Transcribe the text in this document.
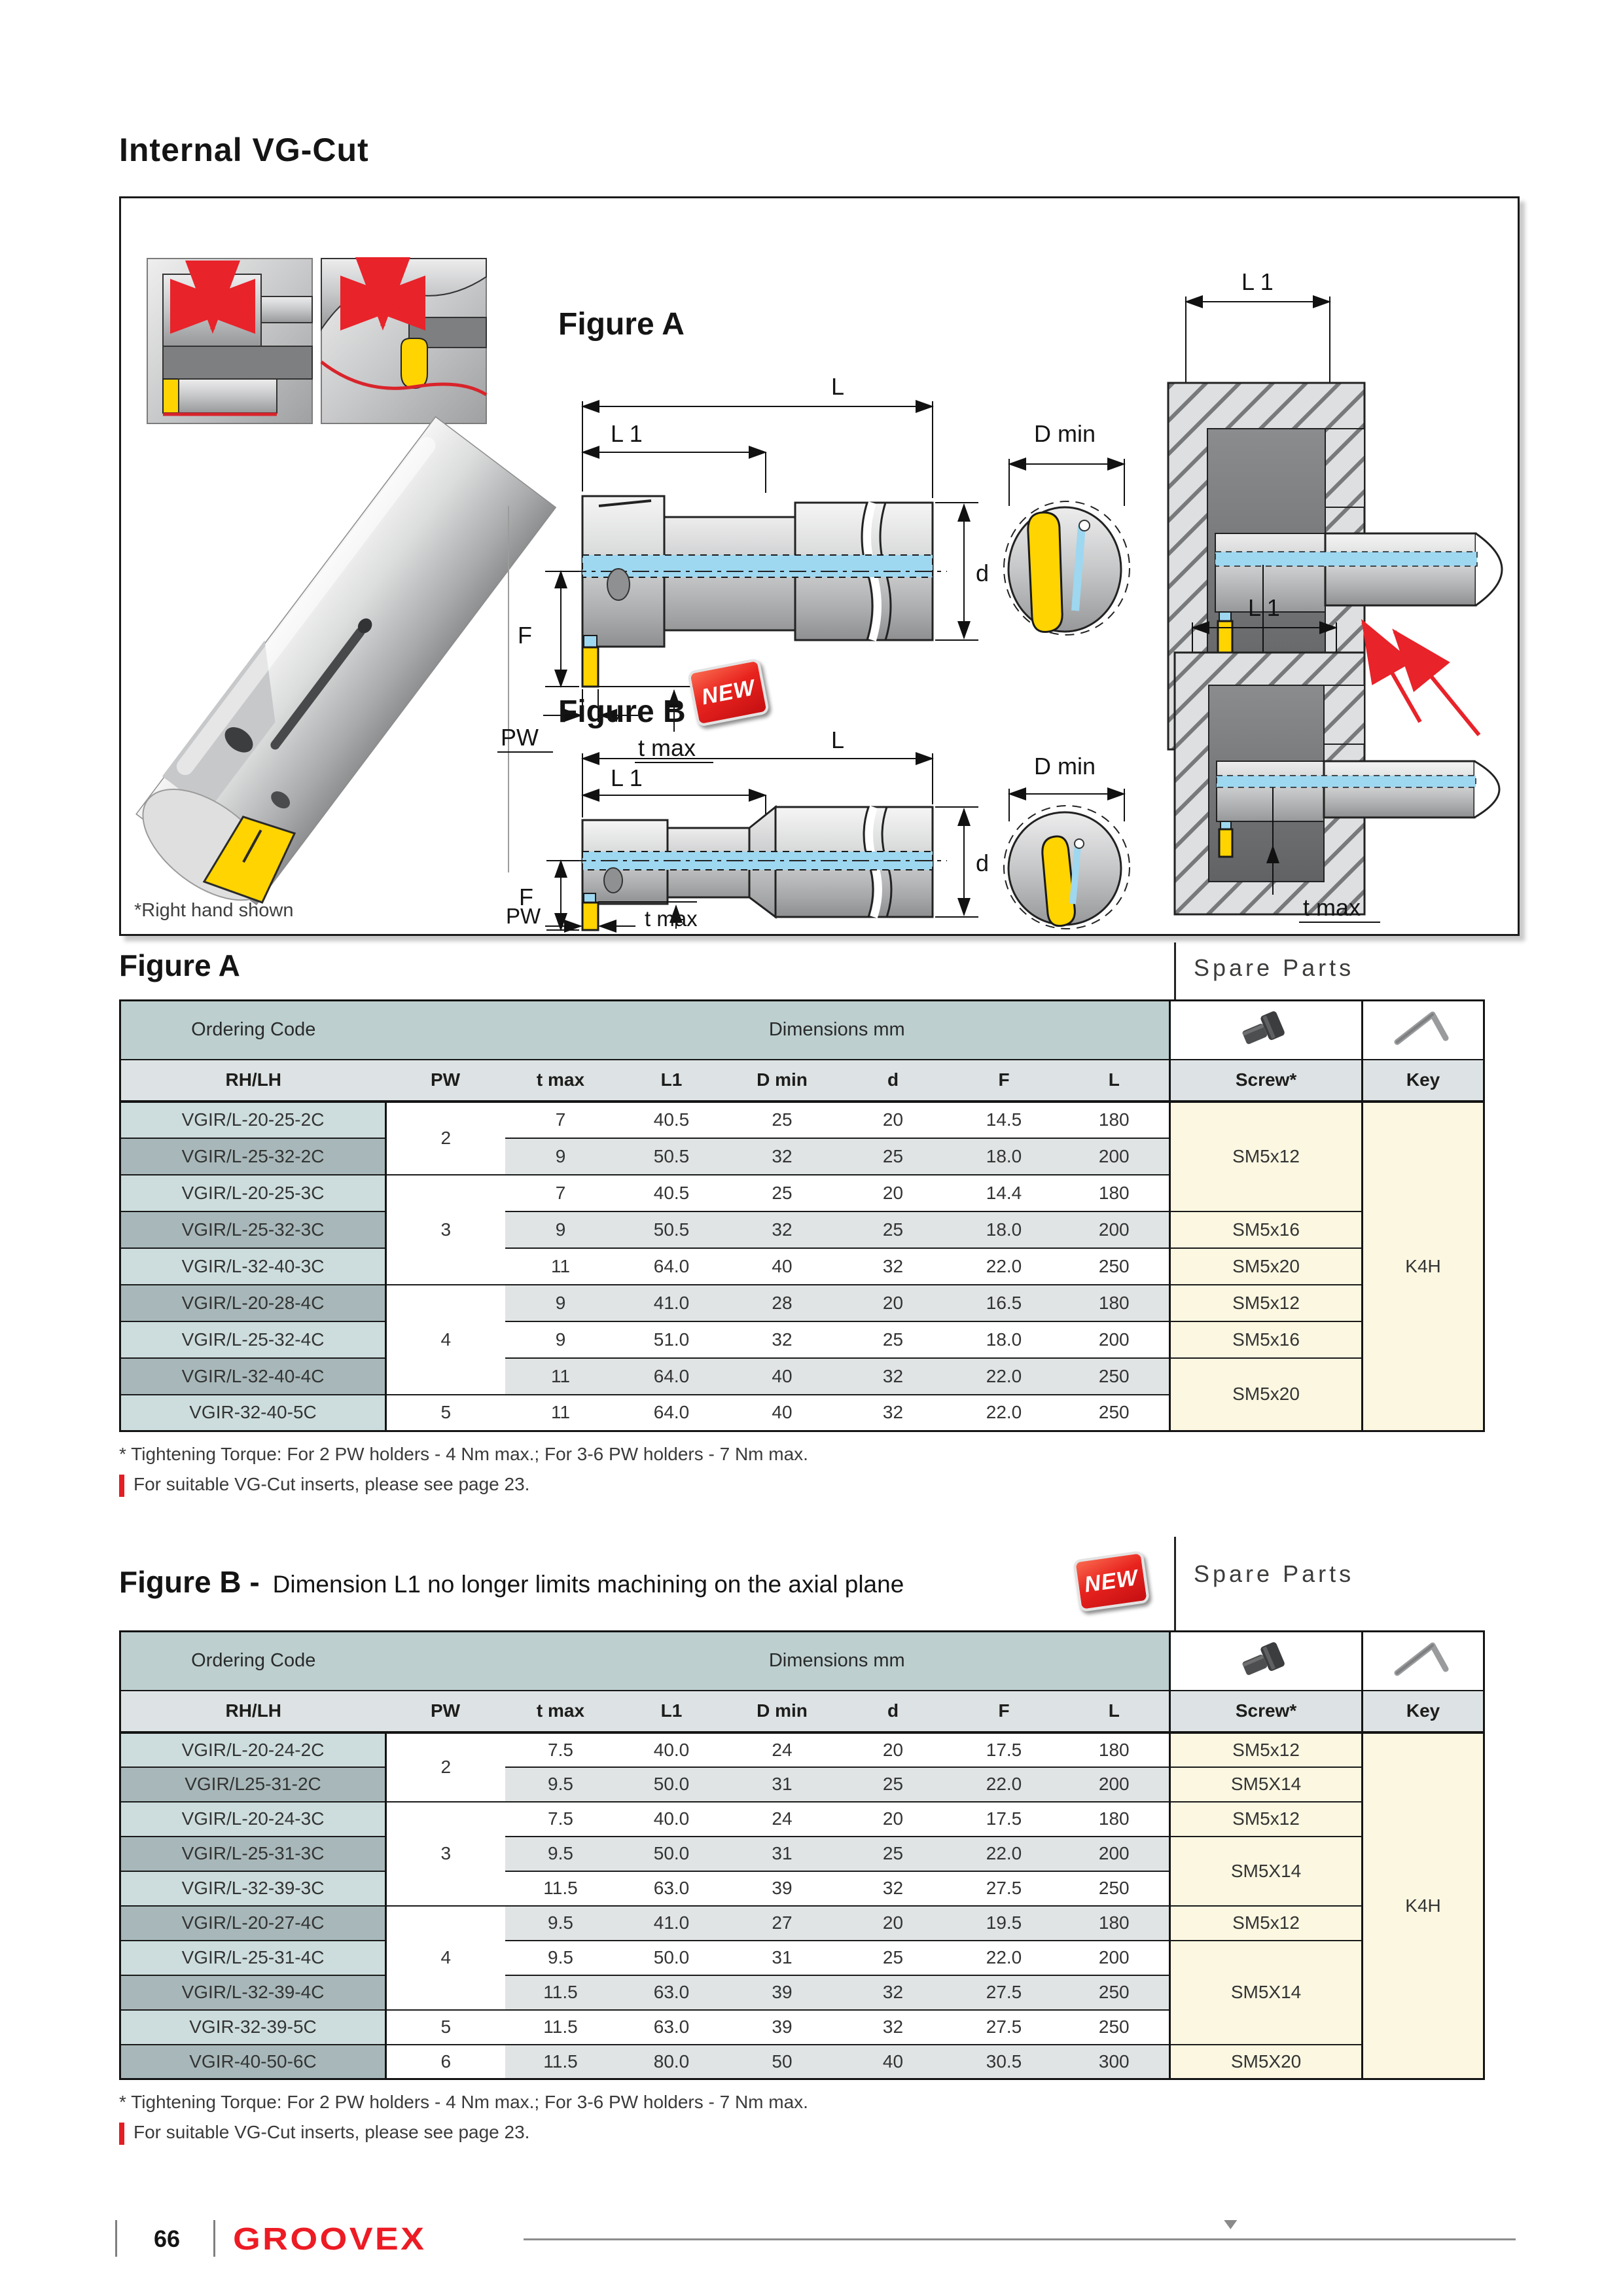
Internal VG-Cut
Figure A
L
L 1
F
PW	t max
d
D min
L 1
Figure B
L
L 1
F
PW	t max
d
D min
L 1
t max
NEW
*Right hand shown
Figure A	Spare Parts
Ordering Code		Dimensions mm		
RH/LH	PW	t max	L1	D min	d	F	L	Screw*	Key
VGIR/L-20-25-2C	2	7	40.5	25	20	14.5	180	SM5x12	K4H
VGIR/L-25-32-2C		9	50.5	32	25	18.0	200		
VGIR/L-20-25-3C	3	7	40.5	25	20	14.4	180		
VGIR/L-25-32-3C		9	50.5	32	25	18.0	200	SM5x16	
VGIR/L-32-40-3C		11	64.0	40	32	22.0	250	SM5x20	
VGIR/L-20-28-4C	4	9	41.0	28	20	16.5	180	SM5x12	
VGIR/L-25-32-4C		9	51.0	32	25	18.0	200	SM5x16	
VGIR/L-32-40-4C		11	64.0	40	32	22.0	250	SM5x20	
VGIR-32-40-5C	5	11	64.0	40	32	22.0	250		
* Tightening Torque: For 2 PW holders - 4 Nm max.; For 3-6 PW holders - 7 Nm max.
For suitable VG-Cut inserts, please see page 23.
Figure B - Dimension L1 no longer limits machining on the axial plane	NEW Spare Parts
Ordering Code		Dimensions mm		
RH/LH	PW	t max	L1	D min	d	F	L	Screw*	Key
VGIR/L-20-24-2C	2	7.5	40.0	24	20	17.5	180	SM5x12	K4H
VGIR/L25-31-2C		9.5	50.0	31	25	22.0	200	SM5X14	
VGIR/L-20-24-3C	3	7.5	40.0	24	20	17.5	180	SM5x12	
VGIR/L-25-31-3C		9.5	50.0	31	25	22.0	200	SM5X14	
VGIR/L-32-39-3C		11.5	63.0	39	32	27.5	250		
VGIR/L-20-27-4C	4	9.5	41.0	27	20	19.5	180	SM5x12	
VGIR/L-25-31-4C		9.5	50.0	31	25	22.0	200	SM5X14	
VGIR/L-32-39-4C		11.5	63.0	39	32	27.5	250		
VGIR-32-39-5C	5	11.5	63.0	39	32	27.5	250		
VGIR-40-50-6C	6	11.5	80.0	50	40	30.5	300	SM5X20	
* Tightening Torque: For 2 PW holders - 4 Nm max.; For 3-6 PW holders - 7 Nm max.
For suitable VG-Cut inserts, please see page 23.
66	GROOVEX
